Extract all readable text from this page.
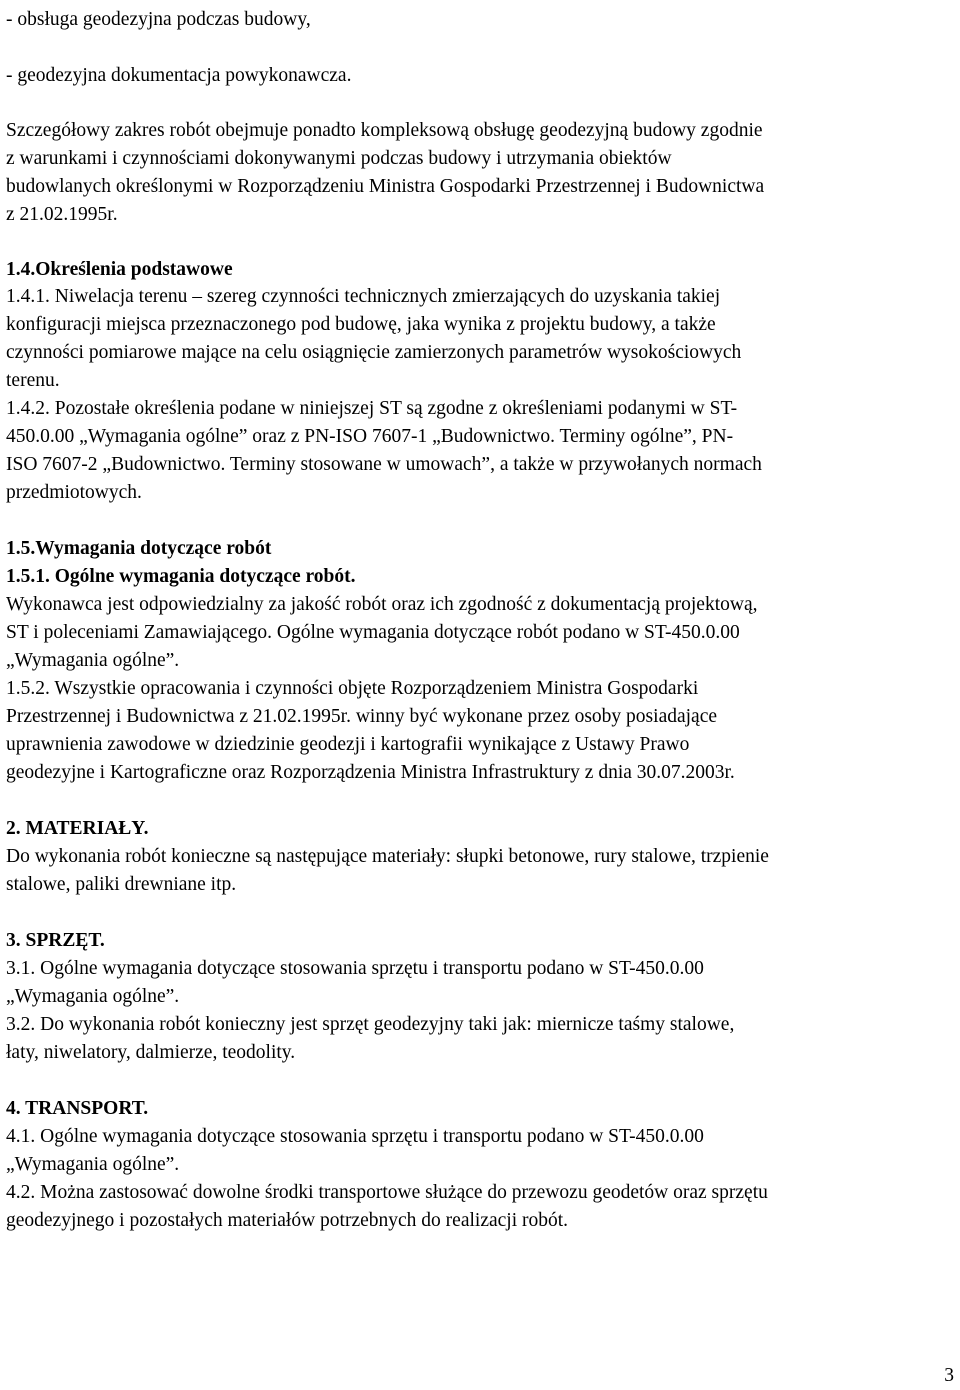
- obsługa geodezyjna podczas budowy,
- geodezyjna dokumentacja powykonawcza.
Szczegółowy zakres robót obejmuje ponadto kompleksową obsługę geodezyjną budowy zgodnie
z warunkami i czynnościami dokonywanymi podczas budowy i utrzymania obiektów
budowlanych określonymi w Rozporządzeniu Ministra Gospodarki Przestrzennej i Budownictwa
z 21.02.1995r.
1.4.Określenia podstawowe
1.4.1. Niwelacja terenu – szereg czynności technicznych zmierzających do uzyskania takiej
konfiguracji miejsca przeznaczonego pod budowę, jaka wynika z projektu budowy, a także
czynności pomiarowe mające na celu osiągnięcie zamierzonych parametrów wysokościowych
terenu.
1.4.2. Pozostałe określenia podane w niniejszej ST są zgodne z określeniami podanymi w ST-
450.0.00 „Wymagania ogólne” oraz z PN-ISO 7607-1 „Budownictwo. Terminy ogólne”, PN-
ISO 7607-2 „Budownictwo. Terminy stosowane w umowach”, a także w przywołanych normach
przedmiotowych.
1.5.Wymagania dotyczące robót
1.5.1. Ogólne wymagania dotyczące robót.
Wykonawca jest odpowiedzialny za jakość robót oraz ich zgodność z dokumentacją projektową,
ST i poleceniami Zamawiającego. Ogólne wymagania dotyczące robót podano w ST-450.0.00
„Wymagania ogólne”.
1.5.2. Wszystkie opracowania i czynności objęte Rozporządzeniem Ministra Gospodarki
Przestrzennej i Budownictwa z 21.02.1995r. winny być wykonane przez osoby posiadające
uprawnienia zawodowe w dziedzinie geodezji i kartografii wynikające z Ustawy Prawo
geodezyjne i Kartograficzne oraz Rozporządzenia Ministra Infrastruktury z dnia 30.07.2003r.
2. MATERIAŁY.
Do wykonania robót konieczne są następujące materiały: słupki betonowe, rury stalowe, trzpienie
stalowe, paliki drewniane itp.
3. SPRZĘT.
3.1. Ogólne wymagania dotyczące stosowania sprzętu i transportu podano w ST-450.0.00
„Wymagania ogólne”.
3.2. Do wykonania robót konieczny jest sprzęt geodezyjny taki jak: miernicze taśmy stalowe,
łaty, niwelatory, dalmierze, teodolity.
4. TRANSPORT.
4.1. Ogólne wymagania dotyczące stosowania sprzętu i transportu podano w ST-450.0.00
„Wymagania ogólne”.
4.2. Można zastosować dowolne środki transportowe służące do przewozu geodetów oraz sprzętu
geodezyjnego i pozostałych materiałów potrzebnych do realizacji robót.
3
